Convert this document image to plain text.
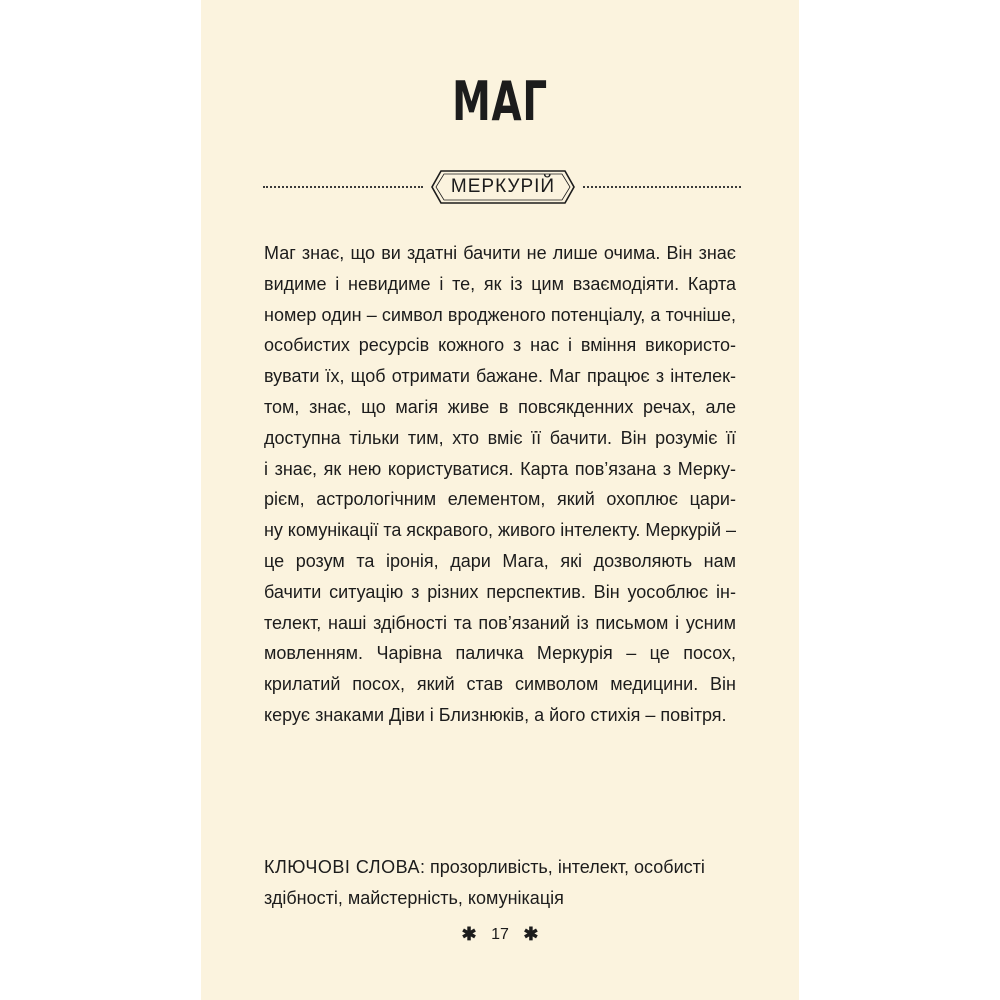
МАГ
МЕРКУРІЙ
Маг знає, що ви здатні бачити не лише очима. Він знає
видиме і невидиме і те, як із цим взаємодіяти. Карта
номер один – символ вродженого потенціалу, а точніше,
особистих ресурсів кожного з нас і вміння використо-
вувати їх, щоб отримати бажане. Маг працює з інтелек-
том, знає, що магія живе в повсякденних речах, але
доступна тільки тим, хто вміє її бачити. Він розуміє її
і знає, як нею користуватися. Карта пов’язана з Мерку-
рієм, астрологічним елементом, який охоплює цари-
ну комунікації та яскравого, живого інтелекту. Меркурій –
це розум та іронія, дари Мага, які дозволяють нам
бачити ситуацію з різних перспектив. Він уособлює ін-
телект, наші здібності та пов’язаний із письмом і усним
мовленням. Чарівна паличка Меркурія – це посох,
крилатий посох, який став символом медицини. Він
керує знаками Діви і Близнюків, а його стихія – повітря.
КЛЮЧОВІ СЛОВА: прозорливість, інтелект, особисті
здібності, майстерність, комунікація
✱ 17 ✱
